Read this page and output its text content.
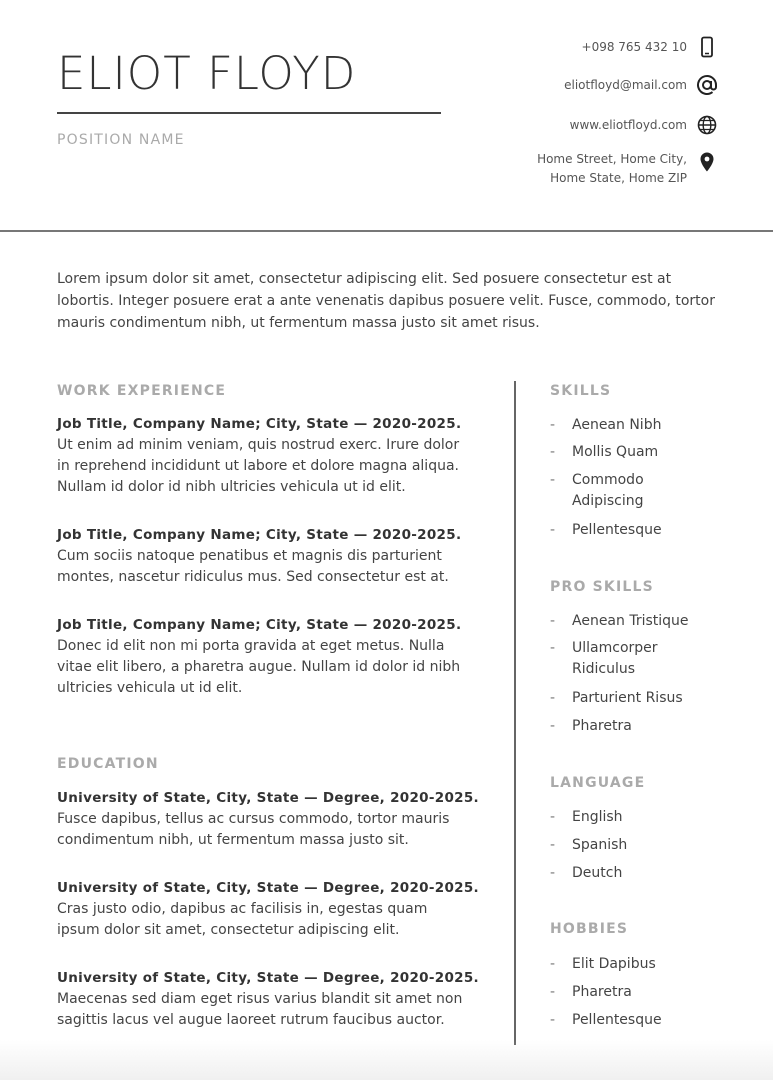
ELIOT FLOYD
POSITION NAME
+098 765 432 10
eliotfloyd@mail.com
www.eliotfloyd.com
Home Street, Home City,
Home State, Home ZIP

Lorem ipsum dolor sit amet, consectetur adipiscing elit. Sed posuere consectetur est at lobortis. Integer posuere erat a ante venenatis dapibus posuere velit. Fusce, commodo, tortor mauris condimentum nibh, ut fermentum massa justo sit amet risus.

WORK EXPERIENCE
Job Title, Company Name; City, State — 2020-2025.
Ut enim ad minim veniam, quis nostrud exerc. Irure dolor
in reprehend incididunt ut labore et dolore magna aliqua.
Nullam id dolor id nibh ultricies vehicula ut id elit.
Job Title, Company Name; City, State — 2020-2025.
Cum sociis natoque penatibus et magnis dis parturient
montes, nascetur ridiculus mus. Sed consectetur est at.
Job Title, Company Name; City, State — 2020-2025.
Donec id elit non mi porta gravida at eget metus. Nulla
vitae elit libero, a pharetra augue. Nullam id dolor id nibh
ultricies vehicula ut id elit.
EDUCATION
University of State, City, State — Degree, 2020-2025.
Fusce dapibus, tellus ac cursus commodo, tortor mauris
condimentum nibh, ut fermentum massa justo sit.
University of State, City, State — Degree, 2020-2025.
Cras justo odio, dapibus ac facilisis in, egestas quam
ipsum dolor sit amet, consectetur adipiscing elit.
University of State, City, State — Degree, 2020-2025.
Maecenas sed diam eget risus varius blandit sit amet non
sagittis lacus vel augue laoreet rutrum faucibus auctor.
SKILLS
- Aenean Nibh
- Mollis Quam
- Commodo
Adipiscing
- Pellentesque
PRO SKILLS
- Aenean Tristique
- Ullamcorper
Ridiculus
- Parturient Risus
- Pharetra
LANGUAGE
- English
- Spanish
- Deutch
HOBBIES
- Elit Dapibus
- Pharetra
- Pellentesque
